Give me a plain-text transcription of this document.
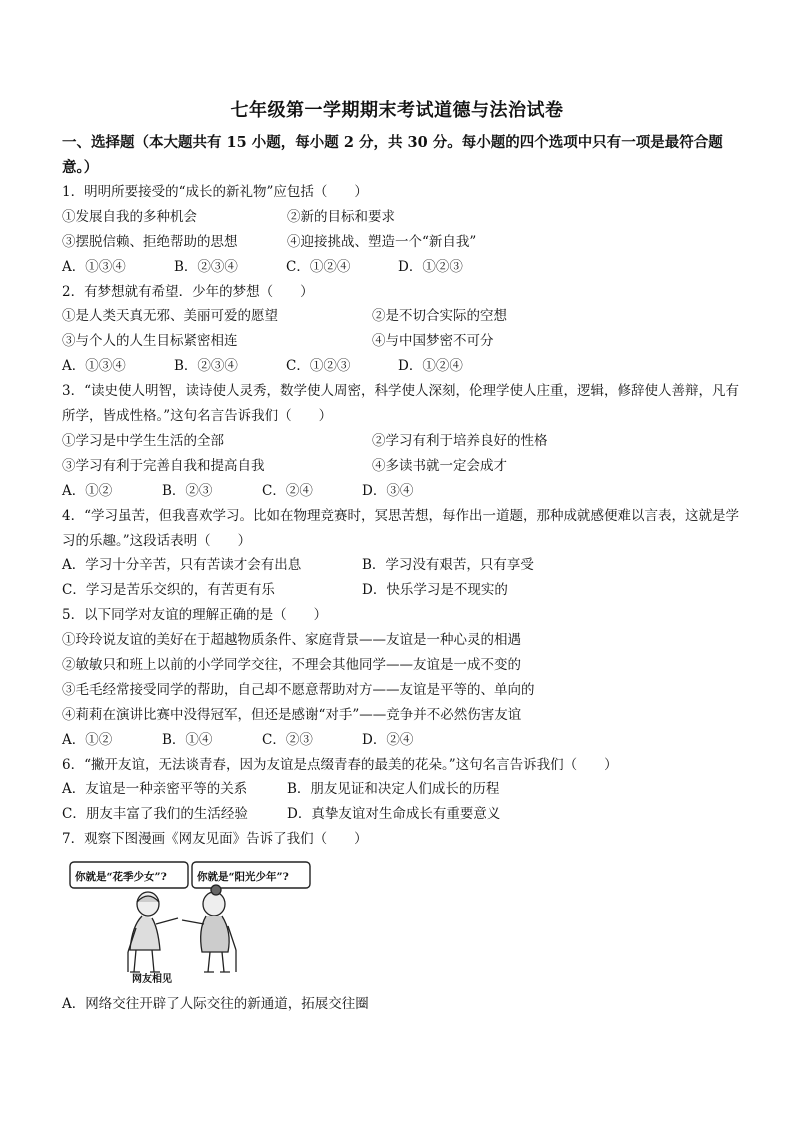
七年级第一学期期末考试道德与法治试卷
一、选择题（本大题共有 15 小题，每小题 2 分，共 30 分。每小题的四个选项中只有一项是最符合题意。）
1．明明所要接受的“成长的新礼物”应包括（　　）
①发展自我的多种机会	②新的目标和要求
③摆脱信赖、拒绝帮助的思想	④迎接挑战、塑造一个“新自我”
A．①③④	B．②③④	C．①②④	D．①②③
2．有梦想就有希望．少年的梦想（　　）
①是人类天真无邪、美丽可爱的愿望	②是不切合实际的空想
③与个人的人生目标紧密相连	④与中国梦密不可分
A．①③④	B．②③④	C．①②③	D．①②④
3．“读史使人明智，读诗使人灵秀，数学使人周密，科学使人深刻，伦理学使人庄重，逻辑，修辞使人善辩，凡有所学，皆成性格。”这句名言告诉我们（　　）
①学习是中学生生活的全部	②学习有利于培养良好的性格
③学习有利于完善自我和提高自我	④多读书就一定会成才
A．①②	B．②③	C．②④	D．③④
4．“学习虽苦，但我喜欢学习。比如在物理竞赛时，冥思苦想，每作出一道题，那种成就感便难以言表，这就是学习的乐趣。”这段话表明（　　）
A．学习十分辛苦，只有苦读才会有出息	B．学习没有艰苦，只有享受
C．学习是苦乐交织的，有苦更有乐	D．快乐学习是不现实的
5．以下同学对友谊的理解正确的是（　　）
①玲玲说友谊的美好在于超越物质条件、家庭背景——友谊是一种心灵的相遇
②敏敏只和班上以前的小学同学交往，不理会其他同学——友谊是一成不变的
③毛毛经常接受同学的帮助，自己却不愿意帮助对方——友谊是平等的、单向的
④莉莉在演讲比赛中没得冠军，但还是感谢“对手”——竞争并不必然伤害友谊
A．①②	B．①④	C．②③	D．②④
6．“撇开友谊，无法谈青春，因为友谊是点缀青春的最美的花朵。”这句名言告诉我们（　　）
A．友谊是一种亲密平等的关系	B．朋友见证和决定人们成长的历程
C．朋友丰富了我们的生活经验	D．真挚友谊对生命成长有重要意义
7．观察下图漫画《网友见面》告诉了我们（　　）
你就是“花季少女”?	你就是“阳光少年”?
网友相见
A．网络交往开辟了人际交往的新通道，拓展交往圈
